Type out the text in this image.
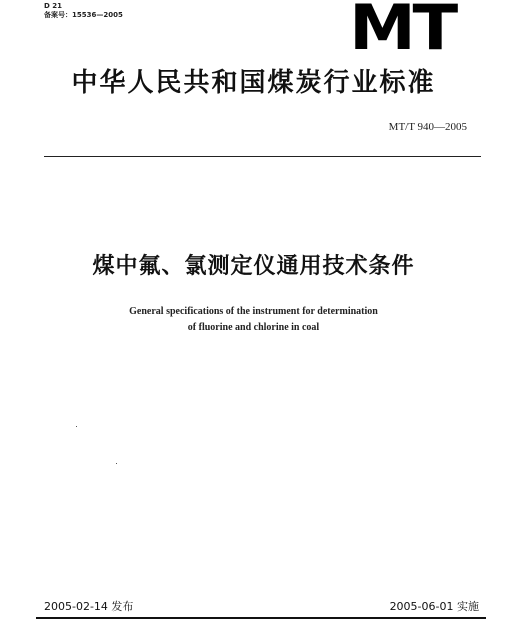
D 21
备案号：15536—2005	MT
中华人民共和国煤炭行业标准
MT/T 940—2005
煤中氟、氯测定仪通用技术条件
General specifications of the instrument for determination
of fluorine and chlorine in coal
2005-02-14 发布	2005-06-01 实施
